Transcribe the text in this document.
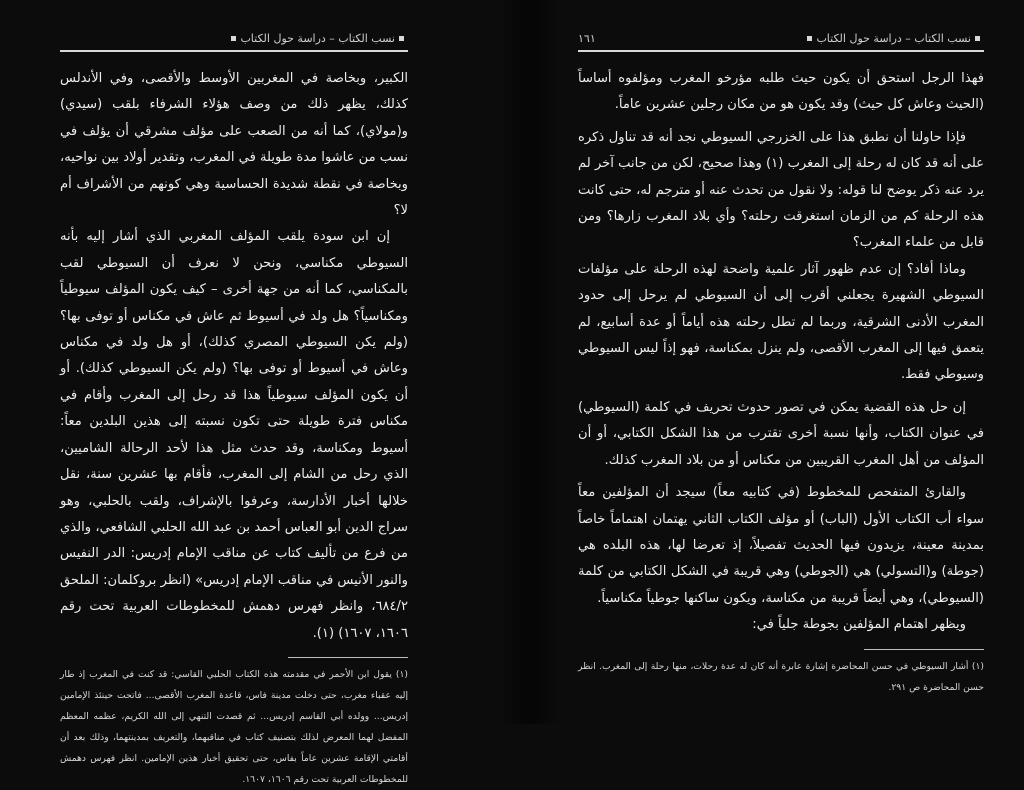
نسب الكتاب – دراسة حول الكتاب
١٦١

فهذا الرجل استحق أن يكون حيث طلبه مؤرخو المغرب ومؤلفوه أساساً (الحيث وعاش كل حيث) وقد يكون هو من مكان رجلين عشرين عاماً.

فإذا حاولنا أن نطبق هذا على الخزرجي السيوطي نجد أنه قد تناول ذكره على أنه قد كان له رحلة إلى المغرب (١) وهذا صحيح، لكن من جانب آخر لم يرد عنه ذكر يوضح لنا قوله: ولا نقول من تحدث عنه أو مترجم له، حتى كانت هذه الرحلة كم من الزمان استغرقت رحلته؟ وأي بلاد المغرب زارها؟ ومن قابل من علماء المغرب؟

وماذا أفاد؟ إن عدم ظهور آثار علمية واضحة لهذه الرحلة على مؤلفات السيوطي الشهيرة يجعلني أقرب إلى أن السيوطي لم يرحل إلى حدود المغرب الأدنى الشرقية، وربما لم تطل رحلته هذه أياماً أو عدة أسابيع، لم يتعمق فيها إلى المغرب الأقصى، ولم ينزل بمكناسة، فهو إذاً ليس السيوطي وسيوطي فقط.

إن حل هذه القضية يمكن في تصور حدوث تحريف في كلمة (السيوطي) في عنوان الكتاب، وأنها نسبة أخرى تقترب من هذا الشكل الكتابي، أو أن المؤلف من أهل المغرب القريبين من مكناس أو من بلاد المغرب كذلك.

والقارئ المتفحص للمخطوط (في كتابيه معاً) سيجد أن المؤلفين معاً سواء أب الكتاب الأول (الباب) أو مؤلف الكتاب الثاني يهتمان اهتماماً خاصاً بمدينة معينة، يزيدون فيها الحديث تفصيلاً، إذ تعرضا لها، هذه البلده هي (جوطة) و(التسولي) هي (الجوطي) وهي قريبة في الشكل الكتابي من كلمة (السيوطي)، وهي أيضاً قريبة من مكناسة، ويكون ساكنها جوطياً مكناسياً.

ويظهر اهتمام المؤلفين بجوطة جلياً في:

(١) أشار السيوطي في حسن المحاضرة إشارة عابرة أنه كان له عدة رحلات، منها رحلة إلى المغرب. انظر حسن المحاضرة ص ٢٩١.

نسب الكتاب – دراسة حول الكتاب

الكبير، وبخاصة في المغربين الأوسط والأقصى، وفي الأندلس كذلك، يظهر ذلك من وصف هؤلاء الشرفاء بلقب (سيدي) و(مولاي)، كما أنه من الصعب على مؤلف مشرقي أن يؤلف في نسب من عاشوا مدة طويلة في المغرب، وتقدير أولاد بين نواحيه، وبخاصة في نقطة شديدة الحساسية وهي كونهم من الأشراف أم لا؟

إن ابن سودة يلقب المؤلف المغربي الذي أشار إليه بأنه السيوطي مكناسي، ونحن لا نعرف أن السيوطي لقب بالمكناسي، كما أنه من جهة أخرى – كيف يكون المؤلف سيوطياً ومكناسياً؟ هل ولد في أسيوط ثم عاش في مكناس أو توفى بها؟ (ولم يكن السيوطي المصري كذلك)، أو هل ولد في مكناس وعاش في أسيوط أو توفى بها؟ (ولم يكن السيوطي كذلك). أو أن يكون المؤلف سيوطياً هذا قد رحل إلى المغرب وأقام في مكناس فترة طويلة حتى تكون نسبته إلى هذين البلدين معاً: أسيوط ومكناسة، وقد حدث مثل هذا لأحد الرحالة الشاميين، الذي رحل من الشام إلى المغرب، فأقام بها عشرين سنة، نقل خلالها أخبار الأدارسة، وعرفوا بالإشراف، ولقب بالحلبي، وهو سراج الدين أبو العباس أحمد بن عبد الله الحلبي الشافعي، والذي من فرع من تأليف كتاب عن مناقب الإمام إدريس: الدر النفيس والنور الأنيس في مناقب الإمام إدريس» (انظر بروكلمان: الملحق ٦٨٤/٢، وانظر فهرس دهمش للمخطوطات العربية تحت رقم ١٦٠٦، ١٦٠٧) (١).

(١) يقول ابن الأحمر في مقدمته هذه الكتاب الحلبي القاسي: قد كنت في المغرب إذ طار إليه عقباء مغرب، حتى دخلت مدينة فاس، قاعدة المغرب الأقصى... فاتحت حينئذ الإمامين إدريس... وولده أبي القاسم إدريس... ثم قصدت التنهي إلى الله الكريم، عظمه المعظم المفضل لهما المعرض لذلك بتصنيف كتاب في مناقبهما، والتعريف بمدينتهما، وذلك بعد أن أقامتي الإقامة عشرين عاماً بفاس، حتى تحقيق أخبار هذين الإمامين. انظر فهرس دهمش للمخطوطات العربية تحت رقم ١٦٠٦، ١٦٠٧.
